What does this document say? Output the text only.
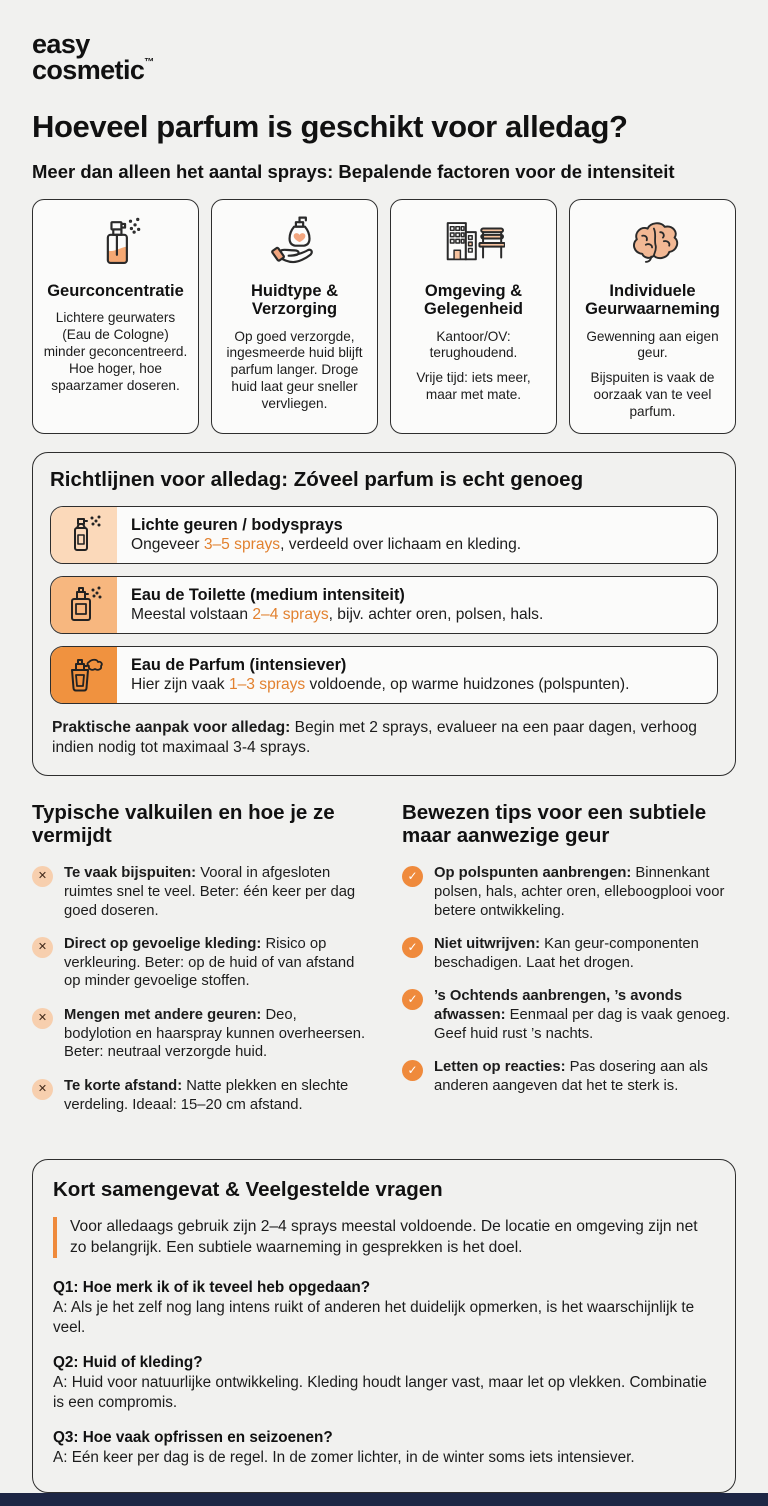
easy
cosmetic™
Hoeveel parfum is geschikt voor alledag?
Meer dan alleen het aantal sprays: Bepalende factoren voor de intensiteit
Geurconcentratie

Lichtere geurwaters (Eau de Cologne) minder geconcentreerd. Hoe hoger, hoe spaarzamer doseren.

Huidtype & Verzorging

Op goed verzorgde, ingesmeerde huid blijft parfum langer. Droge huid laat geur sneller vervliegen.

Omgeving & Gelegenheid

Kantoor/OV: terughoudend.

Vrije tijd: iets meer, maar met mate.

Individuele Geurwaarneming

Gewenning aan eigen geur.

Bijspuiten is vaak de oorzaak van te veel parfum.

Richtlijnen voor alledag: Zóveel parfum is echt genoeg
Lichte geuren / bodysprays

Ongeveer 3–5 sprays, verdeeld over lichaam en kleding.

Eau de Toilette (medium intensiteit)

Meestal volstaan 2–4 sprays, bijv. achter oren, polsen, hals.

Eau de Parfum (intensiever)

Hier zijn vaak 1–3 sprays voldoende, op warme huidzones (polspunten).

Praktische aanpak voor alledag: Begin met 2 sprays, evalueer na een paar dagen, verhoog indien nodig tot maximaal 3-4 sprays.

Typische valkuilen en hoe je ze vermijdt
✕	Te vaak bijspuiten: Vooral in afgesloten ruimtes snel te veel. Beter: één keer per dag goed doseren.

✕	Direct op gevoelige kleding: Risico op verkleuring. Beter: op de huid of van afstand op minder gevoelige stoffen.

✕	Mengen met andere geuren: Deo, bodylotion en haarspray kunnen overheersen. Beter: neutraal verzorgde huid.

✕	Te korte afstand: Natte plekken en slechte verdeling. Ideaal: 15–20 cm afstand.

Bewezen tips voor een subtiele maar aanwezige geur
✓	Op polspunten aanbrengen: Binnenkant polsen, hals, achter oren, elleboogplooi voor betere ontwikkeling.

✓	Niet uitwrijven: Kan geur-componenten beschadigen. Laat het drogen.

✓	’s Ochtends aanbrengen, ’s avonds afwassen: Eenmaal per dag is vaak genoeg. Geef huid rust ’s nachts.

✓	Letten op reacties: Pas dosering aan als anderen aangeven dat het te sterk is.

Kort samengevat & Veelgestelde vragen

Voor alledaags gebruik zijn 2–4 sprays meestal voldoende. De locatie en omgeving zijn net zo belangrijk. Een subtiele waarneming in gesprekken is het doel.

Q1: Hoe merk ik of ik teveel heb opgedaan?
A: Als je het zelf nog lang intens ruikt of anderen het duidelijk opmerken, is het waarschijnlijk te veel.
Q2: Huid of kleding?
A: Huid voor natuurlijke ontwikkeling. Kleding houdt langer vast, maar let op vlekken. Combinatie is een compromis.
Q3: Hoe vaak opfrissen en seizoenen?
A: Eén keer per dag is de regel. In de zomer lichter, in de winter soms iets intensiever.
